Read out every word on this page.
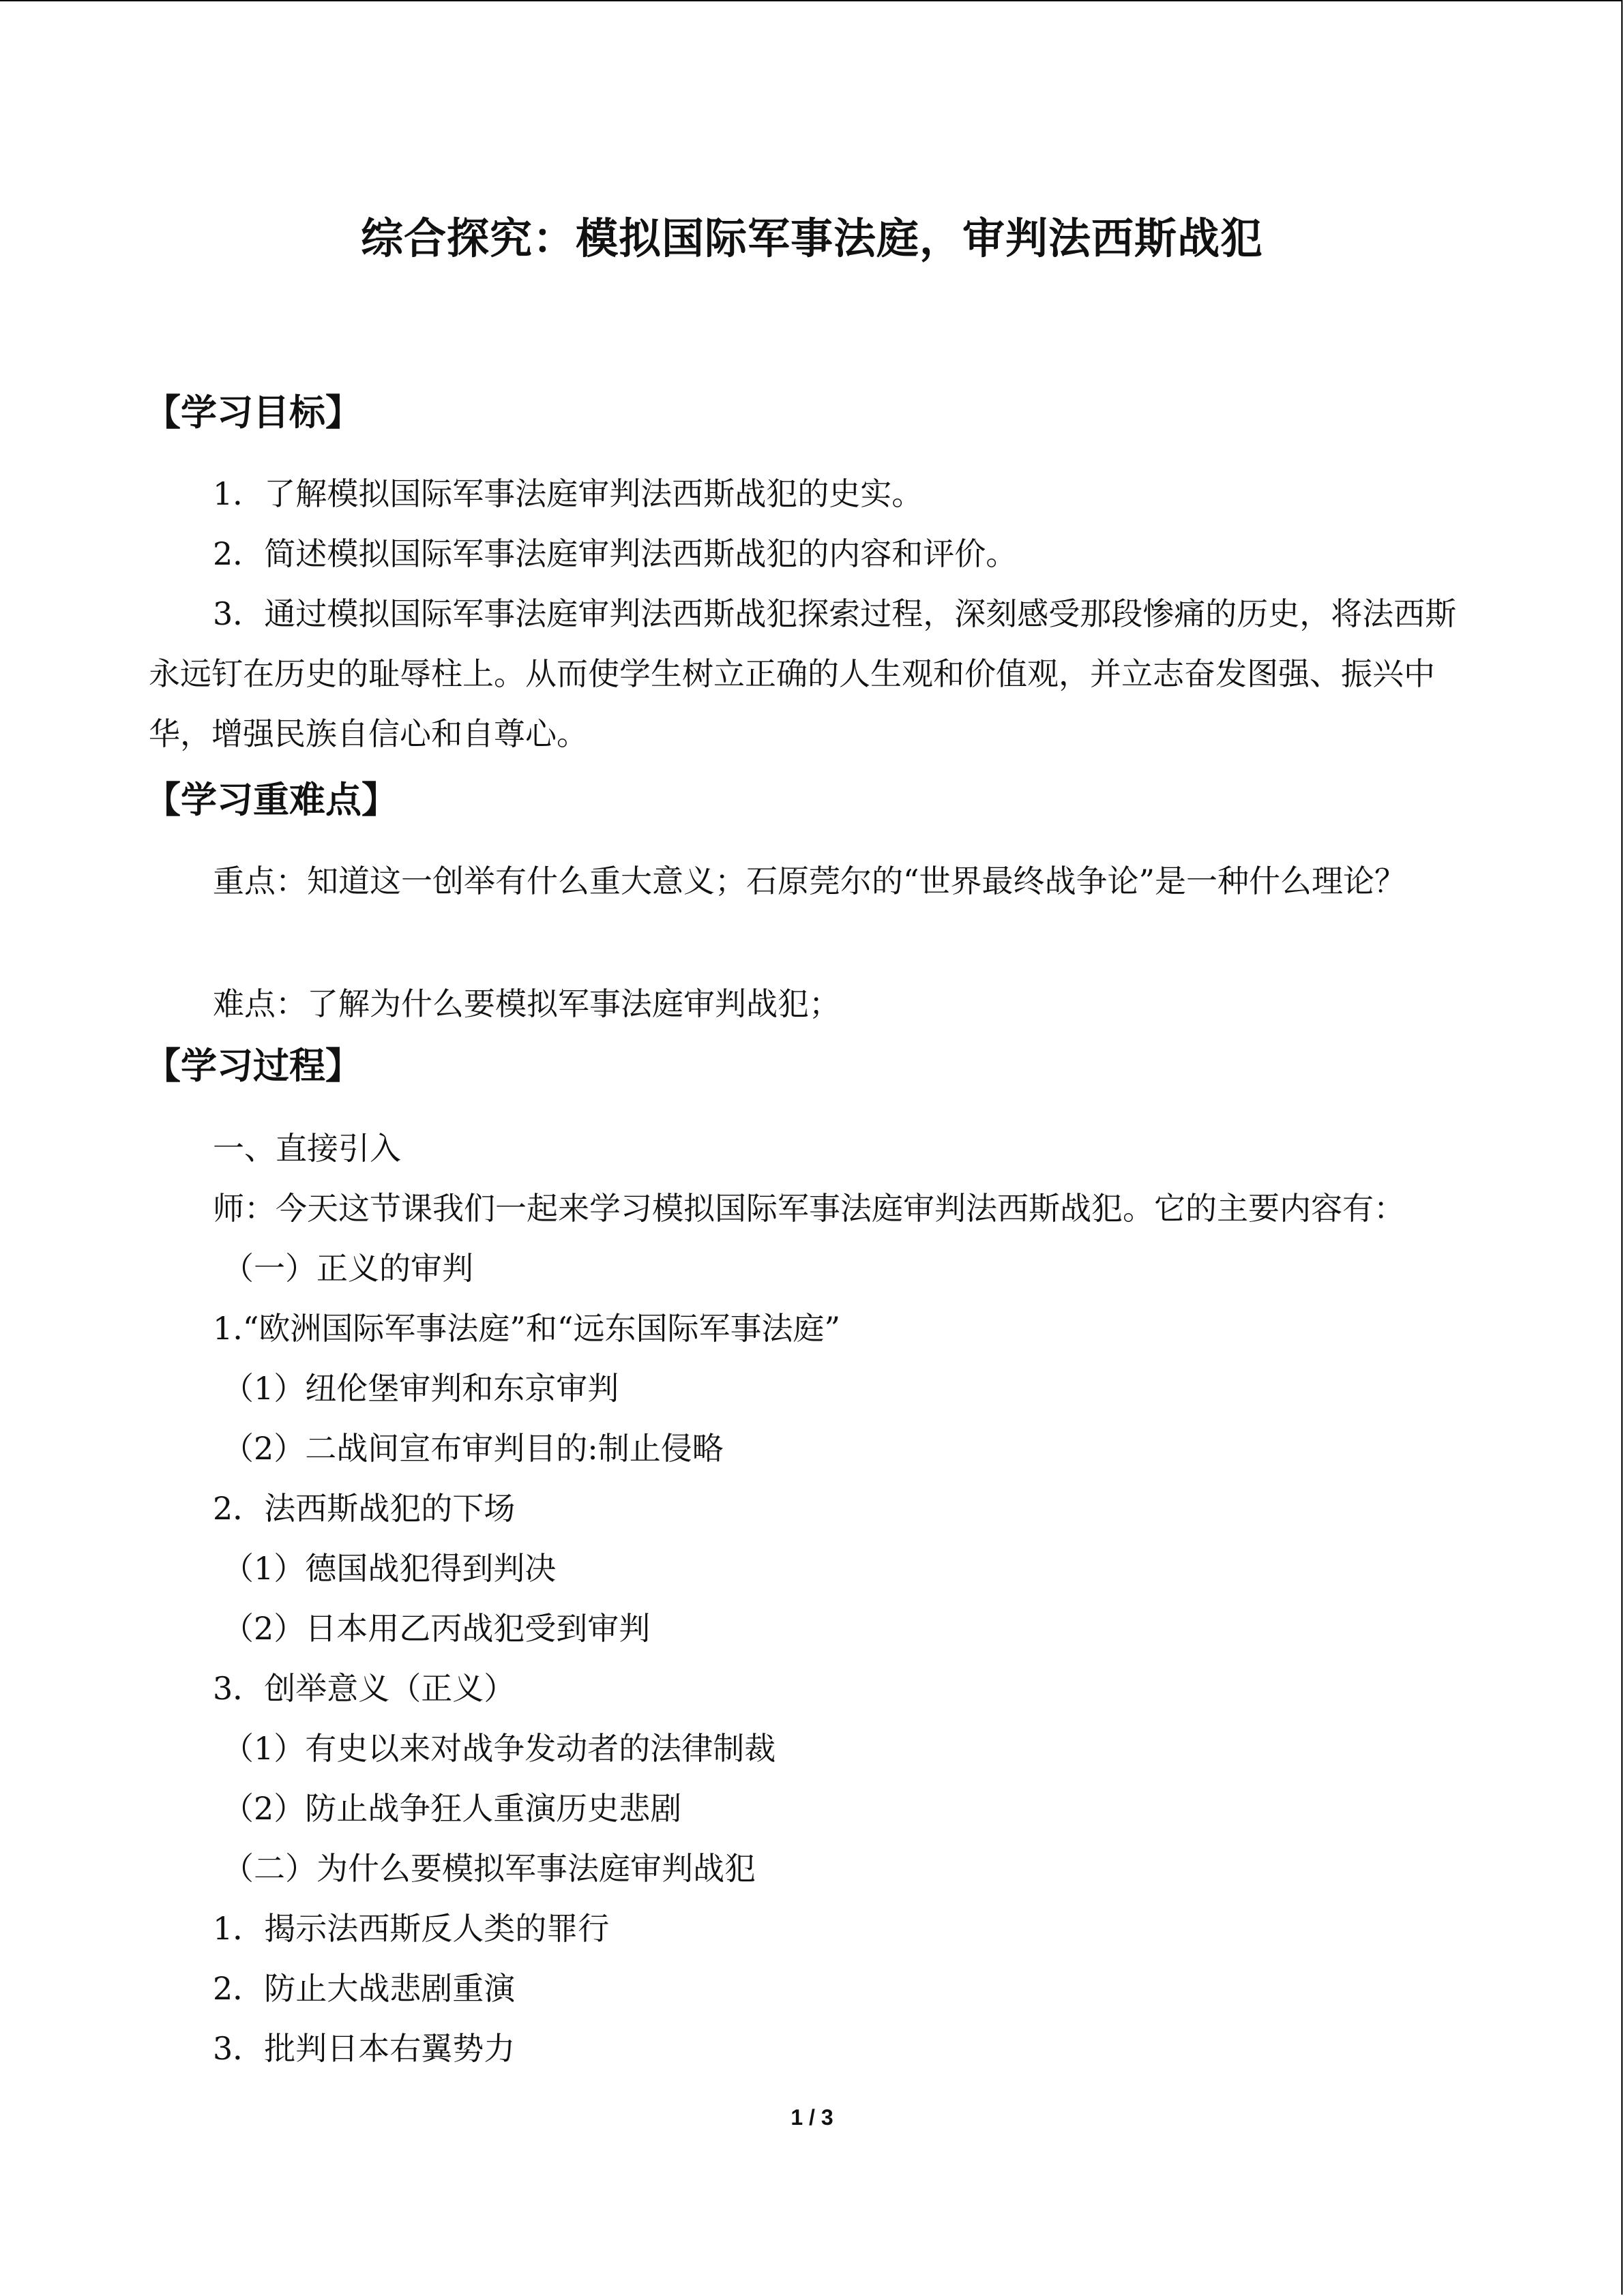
综合探究：模拟国际军事法庭，审判法西斯战犯
【学习目标】
1．了解模拟国际军事法庭审判法西斯战犯的史实。
2．简述模拟国际军事法庭审判法西斯战犯的内容和评价。

3．通过模拟国际军事法庭审判法西斯战犯探索过程，深刻感受那段惨痛的历史，将法西斯永远钉在历史的耻辱柱上。从而使学生树立正确的人生观和价值观，并立志奋发图强、振兴中华，增强民族自信心和自尊心。

【学习重难点】

重点：知道这一创举有什么重大意义；石原莞尔的“世界最终战争论”是一种什么理论？

难点：了解为什么要模拟军事法庭审判战犯；
【学习过程】
一、直接引入
师：今天这节课我们一起来学习模拟国际军事法庭审判法西斯战犯。它的主要内容有：
（一）正义的审判
1.“欧洲国际军事法庭”和“远东国际军事法庭”
（1）纽伦堡审判和东京审判
（2）二战间宣布审判目的:制止侵略
2．法西斯战犯的下场
（1）德国战犯得到判决
（2）日本用乙丙战犯受到审判
3．创举意义（正义）
（1）有史以来对战争发动者的法律制裁
（2）防止战争狂人重演历史悲剧
（二）为什么要模拟军事法庭审判战犯
1．揭示法西斯反人类的罪行
2．防止大战悲剧重演
3．批判日本右翼势力
1 / 3
